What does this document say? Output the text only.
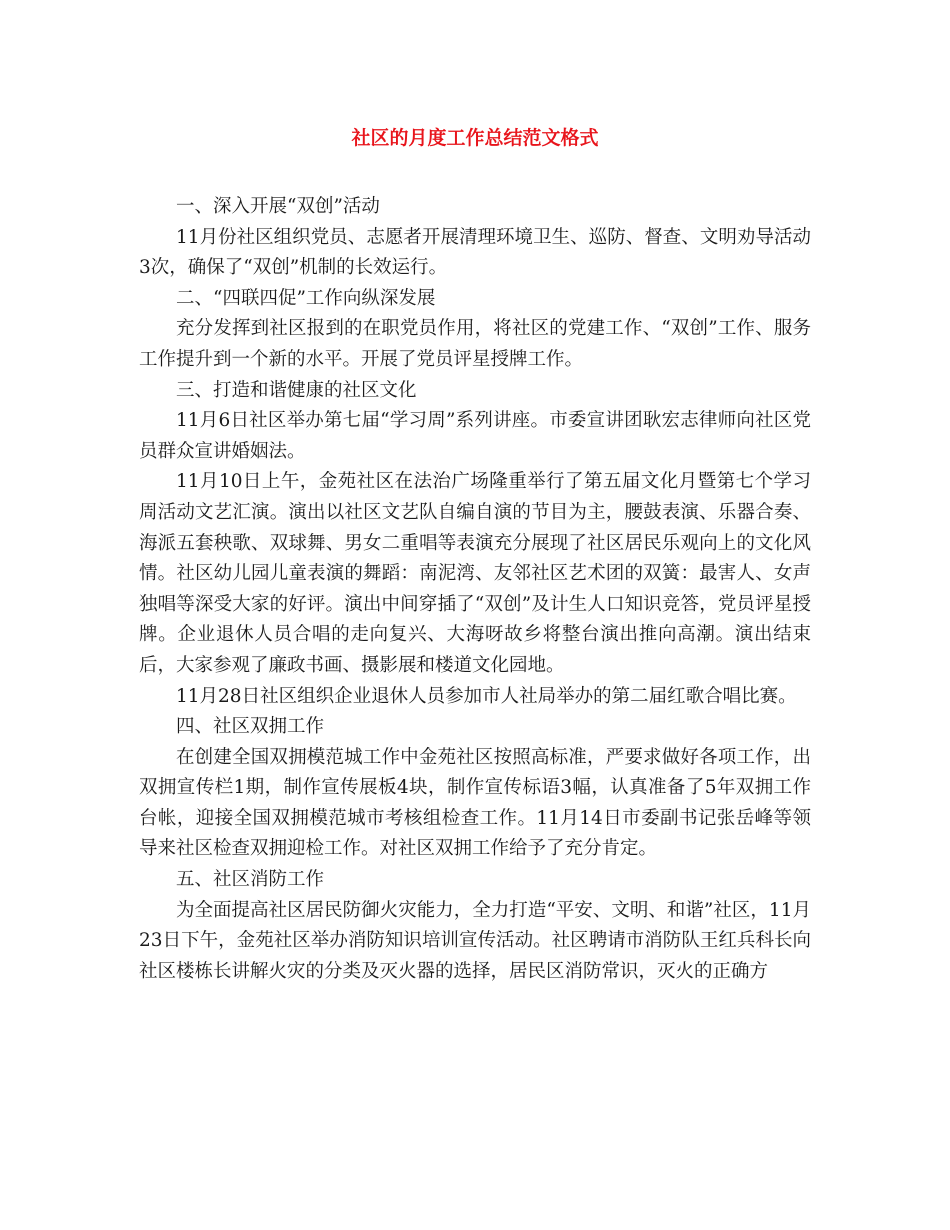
社区的月度工作总结范文格式

一、深入开展“双创”活动

11月份社区组织党员、志愿者开展清理环境卫生、巡防、督查、文明劝导活动3次，确保了“双创”机制的长效运行。

二、“四联四促”工作向纵深发展

充分发挥到社区报到的在职党员作用，将社区的党建工作、“双创”工作、服务工作提升到一个新的水平。开展了党员评星授牌工作。

三、打造和谐健康的社区文化

11月6日社区举办第七届“学习周”系列讲座。市委宣讲团耿宏志律师向社区党员群众宣讲婚姻法。

11月10日上午，金苑社区在法治广场隆重举行了第五届文化月暨第七个学习周活动文艺汇演。演出以社区文艺队自编自演的节目为主，腰鼓表演、乐器合奏、海派五套秧歌、双球舞、男女二重唱等表演充分展现了社区居民乐观向上的文化风情。社区幼儿园儿童表演的舞蹈：南泥湾、友邻社区艺术团的双簧：最害人、女声独唱等深受大家的好评。演出中间穿插了“双创”及计生人口知识竞答，党员评星授牌。企业退休人员合唱的走向复兴、大海呀故乡将整台演出推向高潮。演出结束后，大家参观了廉政书画、摄影展和楼道文化园地。

11月28日社区组织企业退休人员参加市人社局举办的第二届红歌合唱比赛。

四、社区双拥工作

在创建全国双拥模范城工作中金苑社区按照高标准，严要求做好各项工作，出双拥宣传栏1期，制作宣传展板4块，制作宣传标语3幅，认真准备了5年双拥工作台帐，迎接全国双拥模范城市考核组检查工作。11月14日市委副书记张岳峰等领导来社区检查双拥迎检工作。对社区双拥工作给予了充分肯定。

五、社区消防工作

为全面提高社区居民防御火灾能力，全力打造“平安、文明、和谐”社区，11月23日下午，金苑社区举办消防知识培训宣传活动。社区聘请市消防队王红兵科长向社区楼栋长讲解火灾的分类及灭火器的选择，居民区消防常识，灭火的正确方
